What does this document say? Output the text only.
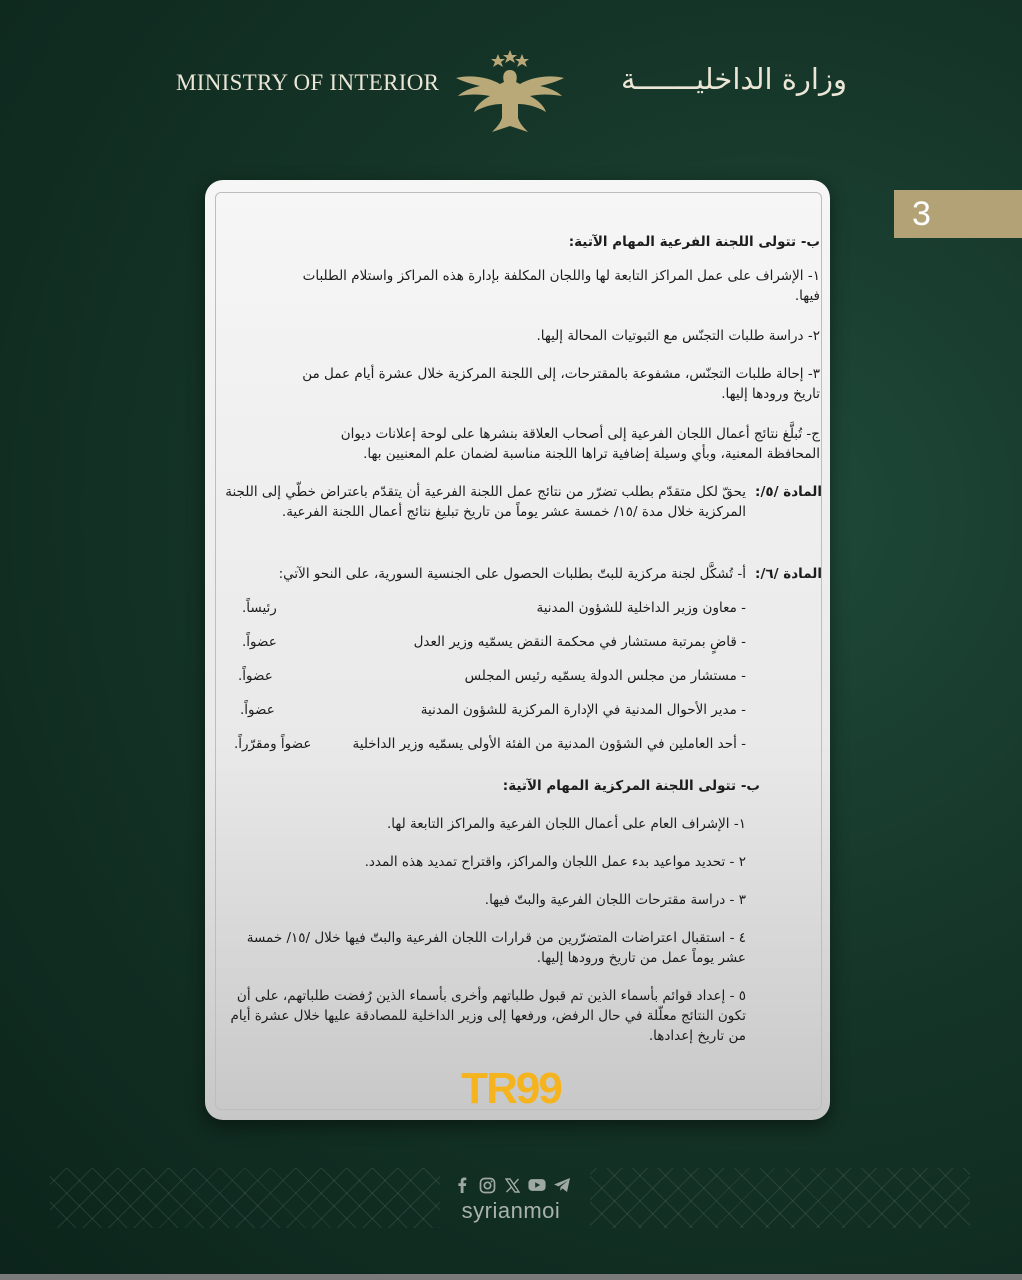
MINISTRY OF INTERIOR	وزارة الداخليـــــــة
3

ب- تتولى اللجنة الفرعية المهام الآتية:

١- الإشراف على عمل المراكز التابعة لها واللجان المكلفة بإدارة هذه المراكز واستلام الطلبات فيها.

٢- دراسة طلبات التجنّس مع الثبوتيات المحالة إليها.

٣- إحالة طلبات التجنّس، مشفوعة بالمقترحات، إلى اللجنة المركزية خلال عشرة أيام عمل من تاريخ ورودها إليها.

ج- تُبلَّغ نتائج أعمال اللجان الفرعية إلى أصحاب العلاقة بنشرها على لوحة إعلانات ديوان المحافظة المعنية، وبأي وسيلة إضافية تراها اللجنة مناسبة لضمان علم المعنيين بها.

المادة /٥/:

يحقّ لكل متقدّم بطلب تضرّر من نتائج عمل اللجنة الفرعية أن يتقدّم باعتراض خطّي إلى اللجنة المركزية خلال مدة /١٥/ خمسة عشر يوماً من تاريخ تبليغ نتائج أعمال اللجنة الفرعية.

المادة /٦/:

أ- تُشكَّل لجنة مركزية للبتّ بطلبات الحصول على الجنسية السورية، على النحو الآتي:

- معاون وزير الداخلية للشؤون المدنية
رئيساً.
- قاضٍ بمرتبة مستشار في محكمة النقض يسمّيه وزير العدل
عضواً.
- مستشار من مجلس الدولة يسمّيه رئيس المجلس
عضواً.
- مدير الأحوال المدنية في الإدارة المركزية للشؤون المدنية
عضواً.
- أحد العاملين في الشؤون المدنية من الفئة الأولى يسمّيه وزير الداخلية
عضواً ومقرّراً.

ب- تتولى اللجنة المركزية المهام الآتية:

١- الإشراف العام على أعمال اللجان الفرعية والمراكز التابعة لها.

٢ - تحديد مواعيد بدء عمل اللجان والمراكز، واقتراح تمديد هذه المدد.

٣ - دراسة مقترحات اللجان الفرعية والبتّ فيها.

٤ - استقبال اعتراضات المتضرّرين من قرارات اللجان الفرعية والبتّ فيها خلال /١٥/ خمسة عشر يوماً عمل من تاريخ ورودها إليها.

٥ - إعداد قوائم بأسماء الذين تم قبول طلباتهم وأخرى بأسماء الذين رُفضت طلباتهم، على أن تكون النتائج معلّلة في حال الرفض، ورفعها إلى وزير الداخلية للمصادقة عليها خلال عشرة أيام من تاريخ إعدادها.

TR99
syrianmoi
